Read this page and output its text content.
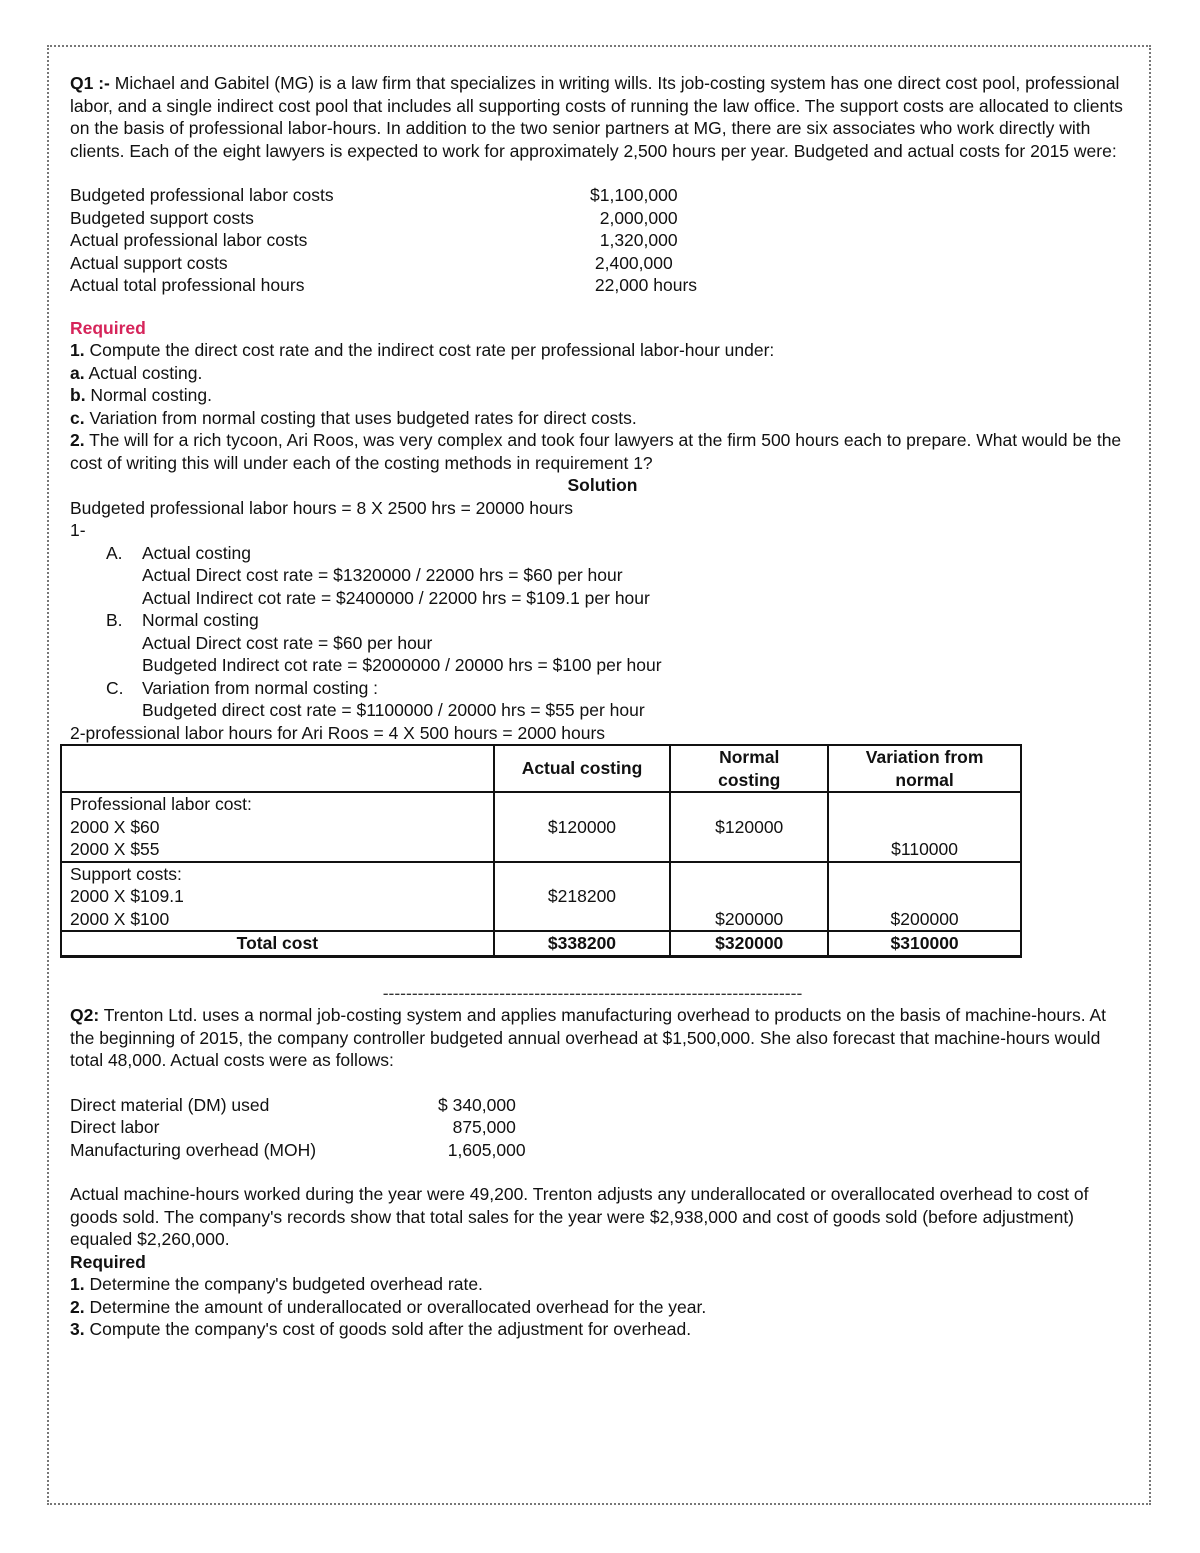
Q1 :- Michael and Gabitel (MG) is a law firm that specializes in writing wills. Its job-costing system has one direct cost pool, professional labor, and a single indirect cost pool that includes all supporting costs of running the law office. The support costs are allocated to clients on the basis of professional labor-hours. In addition to the two senior partners at MG, there are six associates who work directly with clients. Each of the eight lawyers is expected to work for approximately 2,500 hours per year. Budgeted and actual costs for 2015 were:

Budgeted professional labor costs	$1,100,000
Budgeted support costs	2,000,000
Actual professional labor costs	1,320,000
Actual support costs	2,400,000
Actual total professional hours	22,000 hours

Required

1. Compute the direct cost rate and the indirect cost rate per professional labor-hour under:

a. Actual costing.

b. Normal costing.

c. Variation from normal costing that uses budgeted rates for direct costs.

2. The will for a rich tycoon, Ari Roos, was very complex and took four lawyers at the firm 500 hours each to prepare. What would be the cost of writing this will under each of the costing methods in requirement 1?

Solution

Budgeted professional labor hours = 8 X 2500 hrs = 20000 hours

1-

A.	Actual costing

Actual Direct cost rate = $1320000 / 22000 hrs = $60 per hour

Actual Indirect cot rate = $2400000 / 22000 hrs = $109.1 per hour

B.	Normal costing

Actual Direct cost rate = $60 per hour

Budgeted Indirect cot rate = $2000000 / 20000 hrs = $100 per hour

C.	Variation from normal costing :

Budgeted direct cost rate = $1100000 / 20000 hrs = $55 per hour

2-professional labor hours for Ari Roos = 4 X 500 hours = 2000 hours

	Actual costing	Normal costing	Variation from normal

Professional labor cost:
2000 X $60
2000 X $55	$120000	$120000	$110000

Support costs:
2000 X $109.1
2000 X $100	$218200	$200000	$200000

Total cost	$338200	$320000	$310000

------------------------------------------------------------------------

Q2: Trenton Ltd. uses a normal job-costing system and applies manufacturing overhead to products on the basis of machine-hours. At the beginning of 2015, the company controller budgeted annual overhead at $1,500,000. She also forecast that machine-hours would total 48,000. Actual costs were as follows:

Direct material (DM) used	$ 340,000
Direct labor	875,000
Manufacturing overhead (MOH)	1,605,000

Actual machine-hours worked during the year were 49,200. Trenton adjusts any underallocated or overallocated overhead to cost of goods sold. The company's records show that total sales for the year were $2,938,000 and cost of goods sold (before adjustment) equaled $2,260,000.

Required

1. Determine the company's budgeted overhead rate.

2. Determine the amount of underallocated or overallocated overhead for the year.

3. Compute the company's cost of goods sold after the adjustment for overhead.
